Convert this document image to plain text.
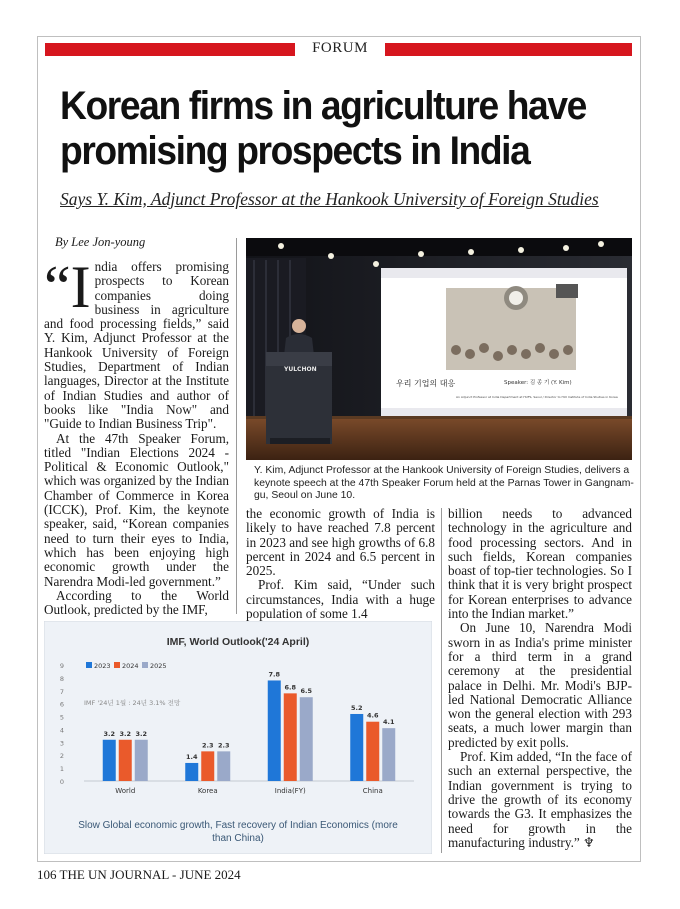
FORUM
Korean firms in agriculture have promising prospects in India
Says Y. Kim, Adjunct Professor at the Hankook University of Foreign Studies
By Lee Jon-young

“I ndia offers promising prospects to Korean companies doing business in agriculture and food processing fields,” said Y. Kim, Adjunct Professor at the Hankook University of Foreign Studies, Department of Indian languages, Director at the Institute of Indian Studies and author of books like "India Now" and "Guide to Indian Business Trip".

At the 47th Speaker Forum, titled "Indian Elections 2024 - Political & Economic Outlook," which was organized by the Indian Chamber of Commerce in Korea (ICCK), Prof. Kim, the keynote speaker, said, “Korean companies need to turn their eyes to India, which has been enjoying high economic growth under the Narendra Modi-led government.”

According to the World Outlook, predicted by the IMF,

Speaker: 김 종 기 (Y. Kim)
우리 기업의 대응
An Adjunct Professor at India Department at HUFS, Seoul / Director to HUI Institute of India Studies in Korea
YULCHON
Y. Kim, Adjunct Professor at the Hankook University of Foreign Studies, delivers a keynote speech at the 47th Speaker Forum held at the Parnas Tower in Gangnam-gu, Seoul on June 10.

the economic growth of India is likely to have reached 7.8 percent in 2023 and see high growths of 6.8 percent in 2024 and 6.5 percent in 2025.

Prof. Kim said, “Under such circumstances, India with a huge population of some 1.4

billion needs to advanced technology in the agriculture and food processing sectors. And in such fields, Korean companies boast of top-tier technologies. So I think that it is very bright prospect for Korean enterprises to advance into the Indian market.”

On June 10, Narendra Modi sworn in as India's prime minister for a third term in a grand ceremony at the presidential palace in Delhi. Mr. Modi's BJP-led National Democratic Alliance won the general election with 293 seats, a much lower margin than predicted by exit polls.

Prof. Kim added, “In the face of such an external perspective, the Indian government is trying to drive the growth of its economy towards the G3. It emphasizes the need for growth in the manufacturing industry.” ♆

IMF, World Outlook('24 April)
IMF '24년 1월 : 24년 3.1% 전망
2023 2024 2025
0
1
2
3
4
5
6
7
8
9
3.2 3.2 3.2
1.4
2.3 2.3
7.8
6.8 6.5
5.2
4.6
4.1
World	Korea	India(FY)	China
Slow Global economic growth, Fast recovery of Indian Economics (more
than China)
106 THE UN JOURNAL - JUNE 2024
